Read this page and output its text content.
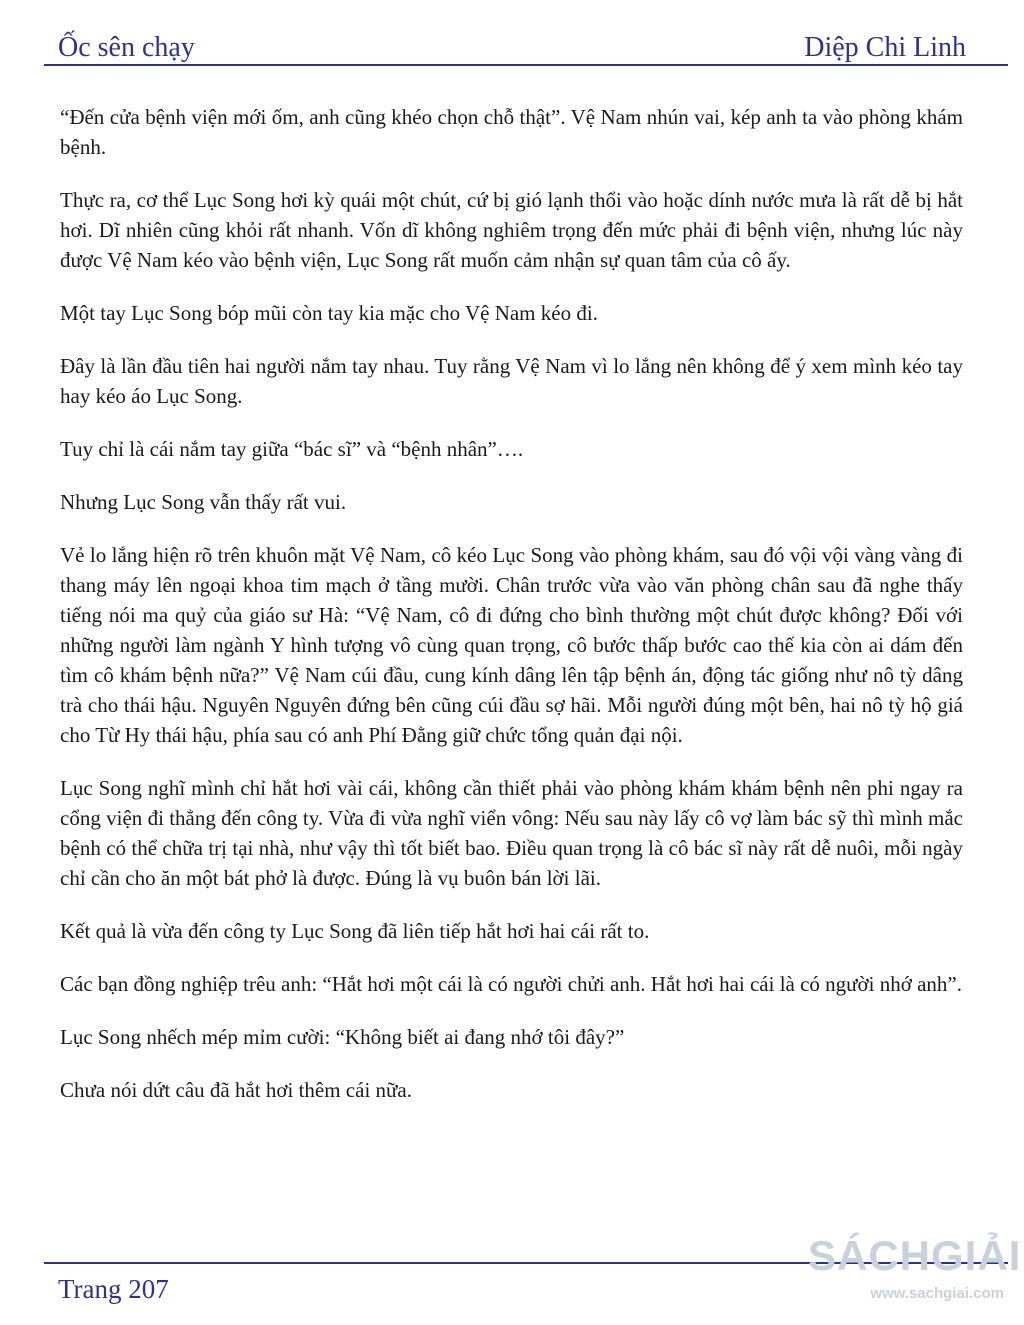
Ốc sên chạy	Diệp Chi Linh

“Đến cửa bệnh viện mới ốm, anh cũng khéo chọn chỗ thật”. Vệ Nam nhún vai, kép anh ta vào phòng khám bệnh.

Thực ra, cơ thể Lục Song hơi kỳ quái một chút, cứ bị gió lạnh thổi vào hoặc dính nước mưa là rất dễ bị hắt hơi. Dĩ nhiên cũng khỏi rất nhanh. Vốn dĩ không nghiêm trọng đến mức phải đi bệnh viện, nhưng lúc này được Vệ Nam kéo vào bệnh viện, Lục Song rất muốn cảm nhận sự quan tâm của cô ấy.

Một tay Lục Song bóp mũi còn tay kia mặc cho Vệ Nam kéo đi.

Đây là lần đầu tiên hai người nắm tay nhau. Tuy rằng Vệ Nam vì lo lắng nên không để ý xem mình kéo tay hay kéo áo Lục Song.

Tuy chỉ là cái nắm tay giữa “bác sĩ” và “bệnh nhân”….

Nhưng Lục Song vẫn thấy rất vui.

Vẻ lo lắng hiện rõ trên khuôn mặt Vệ Nam, cô kéo Lục Song vào phòng khám, sau đó vội vội vàng vàng đi thang máy lên ngoại khoa tim mạch ở tầng mười. Chân trước vừa vào văn phòng chân sau đã nghe thấy tiếng nói ma quỷ của giáo sư Hà: “Vệ Nam, cô đi đứng cho bình thường một chút được không? Đối với những người làm ngành Y hình tượng vô cùng quan trọng, cô bước thấp bước cao thế kia còn ai dám đến tìm cô khám bệnh nữa?” Vệ Nam cúi đầu, cung kính dâng lên tập bệnh án, động tác giống như nô tỳ dâng trà cho thái hậu. Nguyên Nguyên đứng bên cũng cúi đầu sợ hãi. Mỗi người đúng một bên, hai nô tỳ hộ giá cho Từ Hy thái hậu, phía sau có anh Phí Đằng giữ chức tổng quản đại nội.

Lục Song nghĩ mình chỉ hắt hơi vài cái, không cần thiết phải vào phòng khám khám bệnh nên phi ngay ra cổng viện đi thẳng đến công ty. Vừa đi vừa nghĩ viển vông: Nếu sau này lấy cô vợ làm bác sỹ thì mình mắc bệnh có thể chữa trị tại nhà, như vậy thì tốt biết bao. Điều quan trọng là cô bác sĩ này rất dễ nuôi, mỗi ngày chỉ cần cho ăn một bát phở là được. Đúng là vụ buôn bán lời lãi.

Kết quả là vừa đến công ty Lục Song đã liên tiếp hắt hơi hai cái rất to.

Các bạn đồng nghiệp trêu anh: “Hắt hơi một cái là có người chửi anh. Hắt hơi hai cái là có người nhớ anh”.

Lục Song nhếch mép mỉm cười: “Không biết ai đang nhớ tôi đây?”

Chưa nói dứt câu đã hắt hơi thêm cái nữa.

Trang 207
SÁCHGIẢI
www.sachgiai.com
